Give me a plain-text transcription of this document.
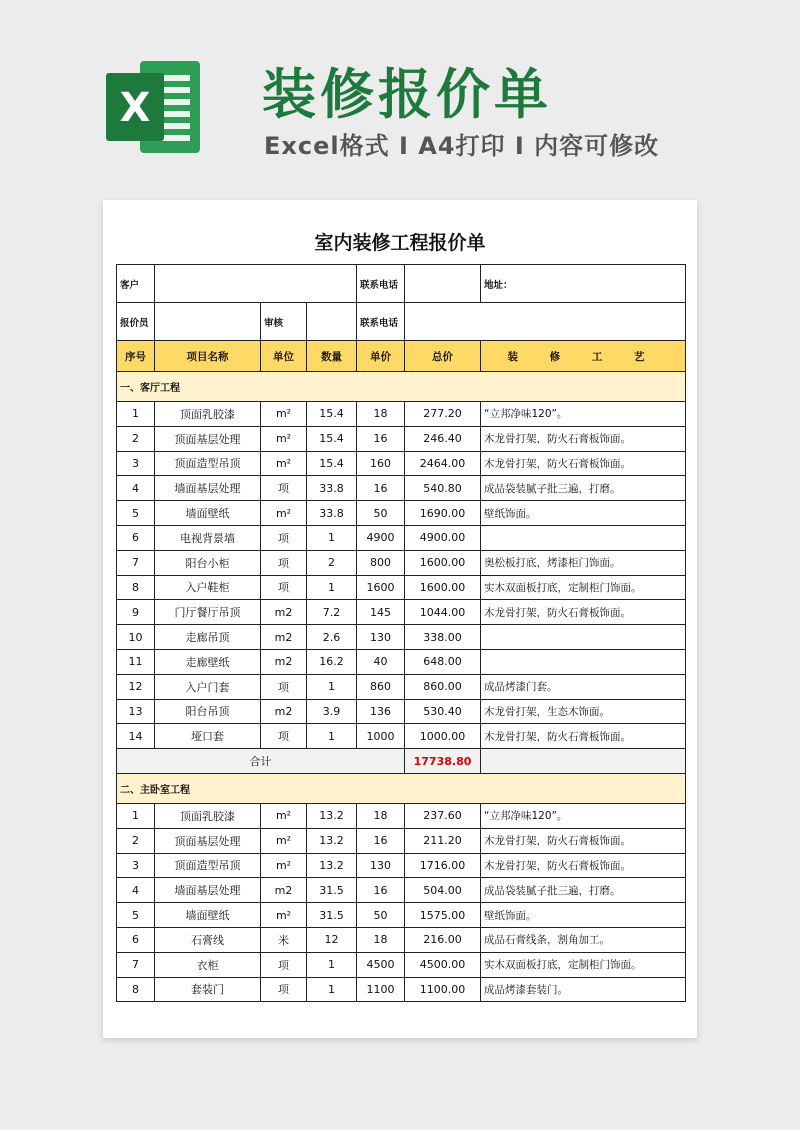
X 装修报价单
Excel格式 I A4打印 I 内容可修改
室内装修工程报价单
客户				联系电话		地址：
报价员		审核		联系电话		
序号	项目名称	单位	数量	单价	总价	装 修 工 艺
一、客厅工程						
1	顶面乳胶漆	m²	15.4	18	277.20	“立邦净味120”。
2	顶面基层处理	m²	15.4	16	246.40	木龙骨打架，防火石膏板饰面。
3	顶面造型吊顶	m²	15.4	160	2464.00	木龙骨打架，防火石膏板饰面。
4	墙面基层处理	项	33.8	16	540.80	成品袋装腻子批三遍，打磨。
5	墙面壁纸	m²	33.8	50	1690.00	壁纸饰面。
6	电视背景墙	项	1	4900	4900.00	
7	阳台小柜	项	2	800	1600.00	奥松板打底，烤漆柜门饰面。
8	入户鞋柜	项	1	1600	1600.00	实木双面板打底，定制柜门饰面。
9	门厅餐厅吊顶	m2	7.2	145	1044.00	木龙骨打架，防火石膏板饰面。
10	走廊吊顶	m2	2.6	130	338.00	
11	走廊壁纸	m2	16.2	40	648.00	
12	入户门套	项	1	860	860.00	成品烤漆门套。
13	阳台吊顶	m2	3.9	136	530.40	木龙骨打架，生态木饰面。
14	垭口套	项	1	1000	1000.00	木龙骨打架，防火石膏板饰面。
合计					17738.80	
二、主卧室工程						
1	顶面乳胶漆	m²	13.2	18	237.60	“立邦净味120”。
2	顶面基层处理	m²	13.2	16	211.20	木龙骨打架，防火石膏板饰面。
3	顶面造型吊顶	m²	13.2	130	1716.00	木龙骨打架，防火石膏板饰面。
4	墙面基层处理	m2	31.5	16	504.00	成品袋装腻子批三遍，打磨。
5	墙面壁纸	m²	31.5	50	1575.00	壁纸饰面。
6	石膏线	米	12	18	216.00	成品石膏线条，割角加工。
7	衣柜	项	1	4500	4500.00	实木双面板打底，定制柜门饰面。
8	套装门	项	1	1100	1100.00	成品烤漆套装门。
